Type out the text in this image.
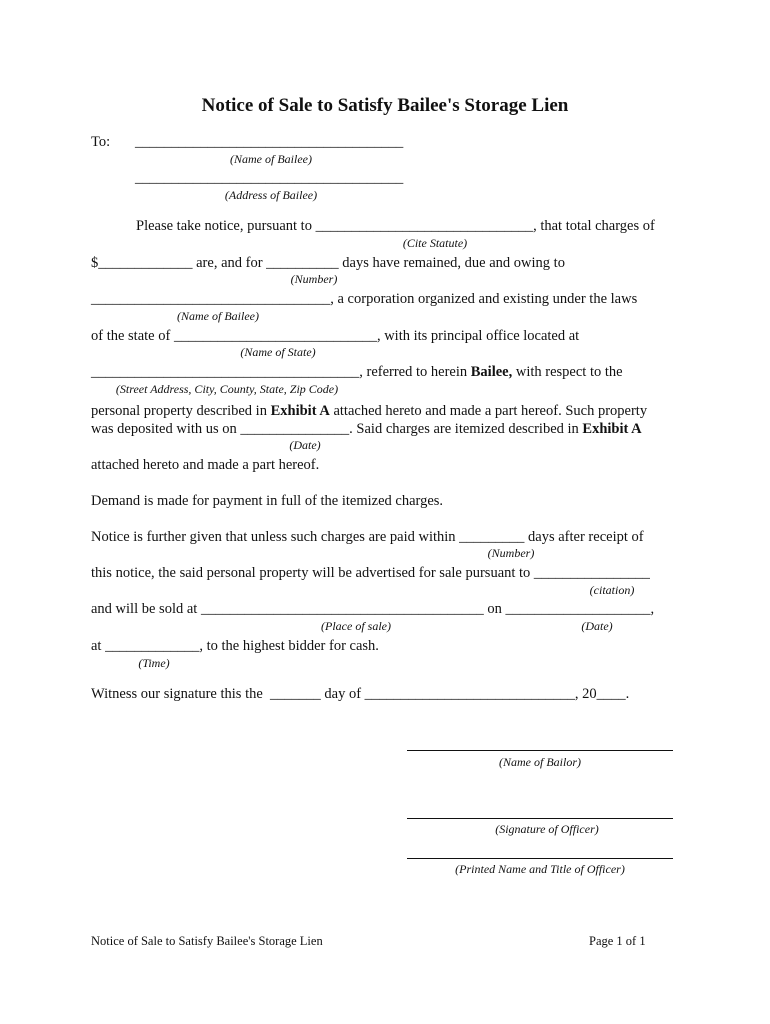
Notice of Sale to Satisfy Bailee's Storage Lien
To: _____________________________________
(Name of Bailee)
_____________________________________
(Address of Bailee)
Please take notice, pursuant to ______________________________, that total charges of
(Cite Statute)
$_____________ are, and for __________ days have remained, due and owing to
(Number)
_________________________________, a corporation organized and existing under the laws
(Name of Bailee)
of the state of ____________________________, with its principal office located at
(Name of State)
_____________________________________, referred to herein Bailee, with respect to the
(Street Address, City, County, State, Zip Code)
personal property described in Exhibit A attached hereto and made a part hereof. Such property
was deposited with us on _______________. Said charges are itemized described in Exhibit A
(Date)
attached hereto and made a part hereof.
Demand is made for payment in full of the itemized charges.
Notice is further given that unless such charges are paid within _________ days after receipt of
(Number)
this notice, the said personal property will be advertised for sale pursuant to ________________
(citation)
and will be sold at _______________________________________ on ____________________,
(Place of sale)	(Date)
at _____________, to the highest bidder for cash.
(Time)
Witness our signature this the  _______ day of _____________________________, 20____.
(Name of Bailor)
(Signature of Officer)
(Printed Name and Title of Officer)
Notice of Sale to Satisfy Bailee's Storage Lien	Page 1 of 1
